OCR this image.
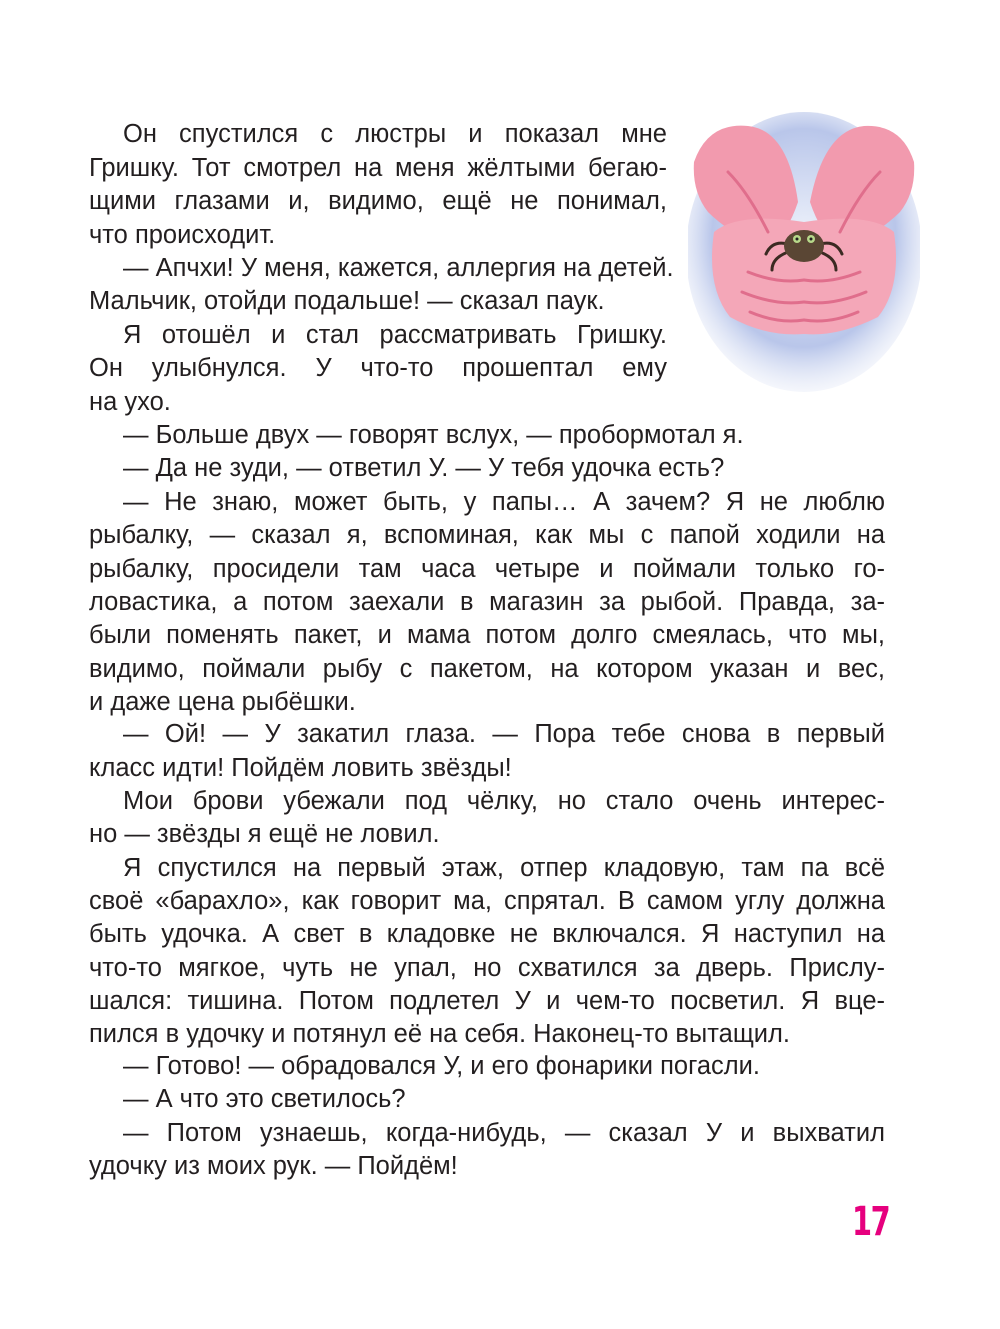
Он спустился с люстры и показал мне
Гришку. Тот смотрел на меня жёлтыми бегаю-
щими глазами и, видимо, ещё не понимал,
что происходит.
— Апчхи! У меня, кажется, аллергия на детей.
Мальчик, отойди подальше! — сказал паук.
Я отошёл и стал рассматривать Гришку.
Он улыбнулся. У что-то прошептал ему
на ухо.
— Больше двух — говорят вслух, — пробормотал я.
— Да не зуди, — ответил У. — У тебя удочка есть?
— Не знаю, может быть, у папы… А зачем? Я не люблю
рыбалку, — сказал я, вспоминая, как мы с папой ходили на
рыбалку, просидели там часа четыре и поймали только го-
ловастика, а потом заехали в магазин за рыбой. Правда, за-
были поменять пакет, и мама потом долго смеялась, что мы,
видимо, поймали рыбу с пакетом, на котором указан и вес,
и даже цена рыбёшки.
— Ой! — У закатил глаза. — Пора тебе снова в первый
класс идти! Пойдём ловить звёзды!
Мои брови убежали под чёлку, но стало очень интерес-
но — звёзды я ещё не ловил.
Я спустился на первый этаж, отпер кладовую, там па всё
своё «барахло», как говорит ма, спрятал. В самом углу должна
быть удочка. А свет в кладовке не включался. Я наступил на
что-то мягкое, чуть не упал, но схватился за дверь. Прислу-
шался: тишина. Потом подлетел У и чем-то посветил. Я вце-
пился в удочку и потянул её на себя. Наконец-то вытащил.
— Готово! — обрадовался У, и его фонарики погасли.
— А что это светилось?
— Потом узнаешь, когда-нибудь, — сказал У и выхватил
удочку из моих рук. — Пойдём!
17
